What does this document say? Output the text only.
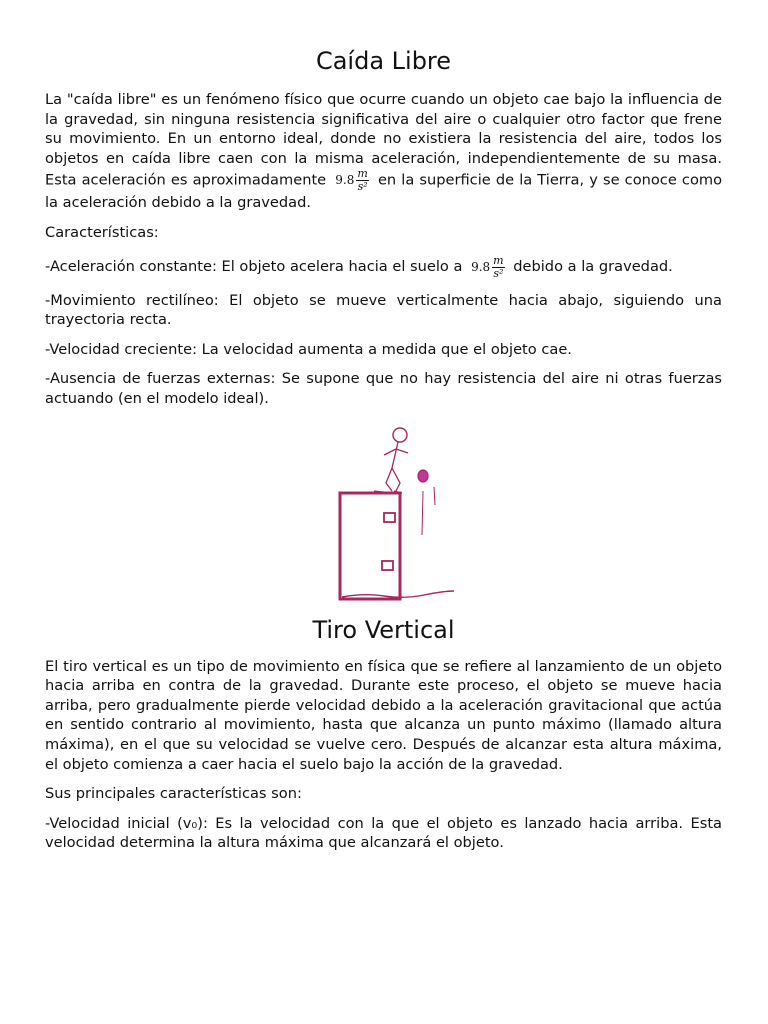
Caída Libre

La "caída libre" es un fenómeno físico que ocurre cuando un objeto cae bajo la influencia de la gravedad, sin ninguna resistencia significativa del aire o cualquier otro factor que frene su movimiento. En un entorno ideal, donde no existiera la resistencia del aire, todos los objetos en caída libre caen con la misma aceleración, independientemente de su masa. Esta aceleración es aproximadamente $9.8 \frac{m}{\text{s²}}$ en la superficie de la Tierra, y se conoce como la aceleración debido a la gravedad.

Características:

-Aceleración constante: El objeto acelera hacia el suelo a $9.8 \frac{m}{\text{s²}}$ debido a la gravedad.

-Movimiento rectilíneo: El objeto se mueve verticalmente hacia abajo, siguiendo una trayectoria recta.

-Velocidad creciente: La velocidad aumenta a medida que el objeto cae.

-Ausencia de fuerzas externas: Se supone que no hay resistencia del aire ni otras fuerzas actuando (en el modelo ideal).

Tiro Vertical

El tiro vertical es un tipo de movimiento en física que se refiere al lanzamiento de un objeto hacia arriba en contra de la gravedad. Durante este proceso, el objeto se mueve hacia arriba, pero gradualmente pierde velocidad debido a la aceleración gravitacional que actúa en sentido contrario al movimiento, hasta que alcanza un punto máximo (llamado altura máxima), en el que su velocidad se vuelve cero. Después de alcanzar esta altura máxima, el objeto comienza a caer hacia el suelo bajo la acción de la gravedad.

Sus principales características son:

-Velocidad inicial (v₀): Es la velocidad con la que el objeto es lanzado hacia arriba. Esta velocidad determina la altura máxima que alcanzará el objeto.
